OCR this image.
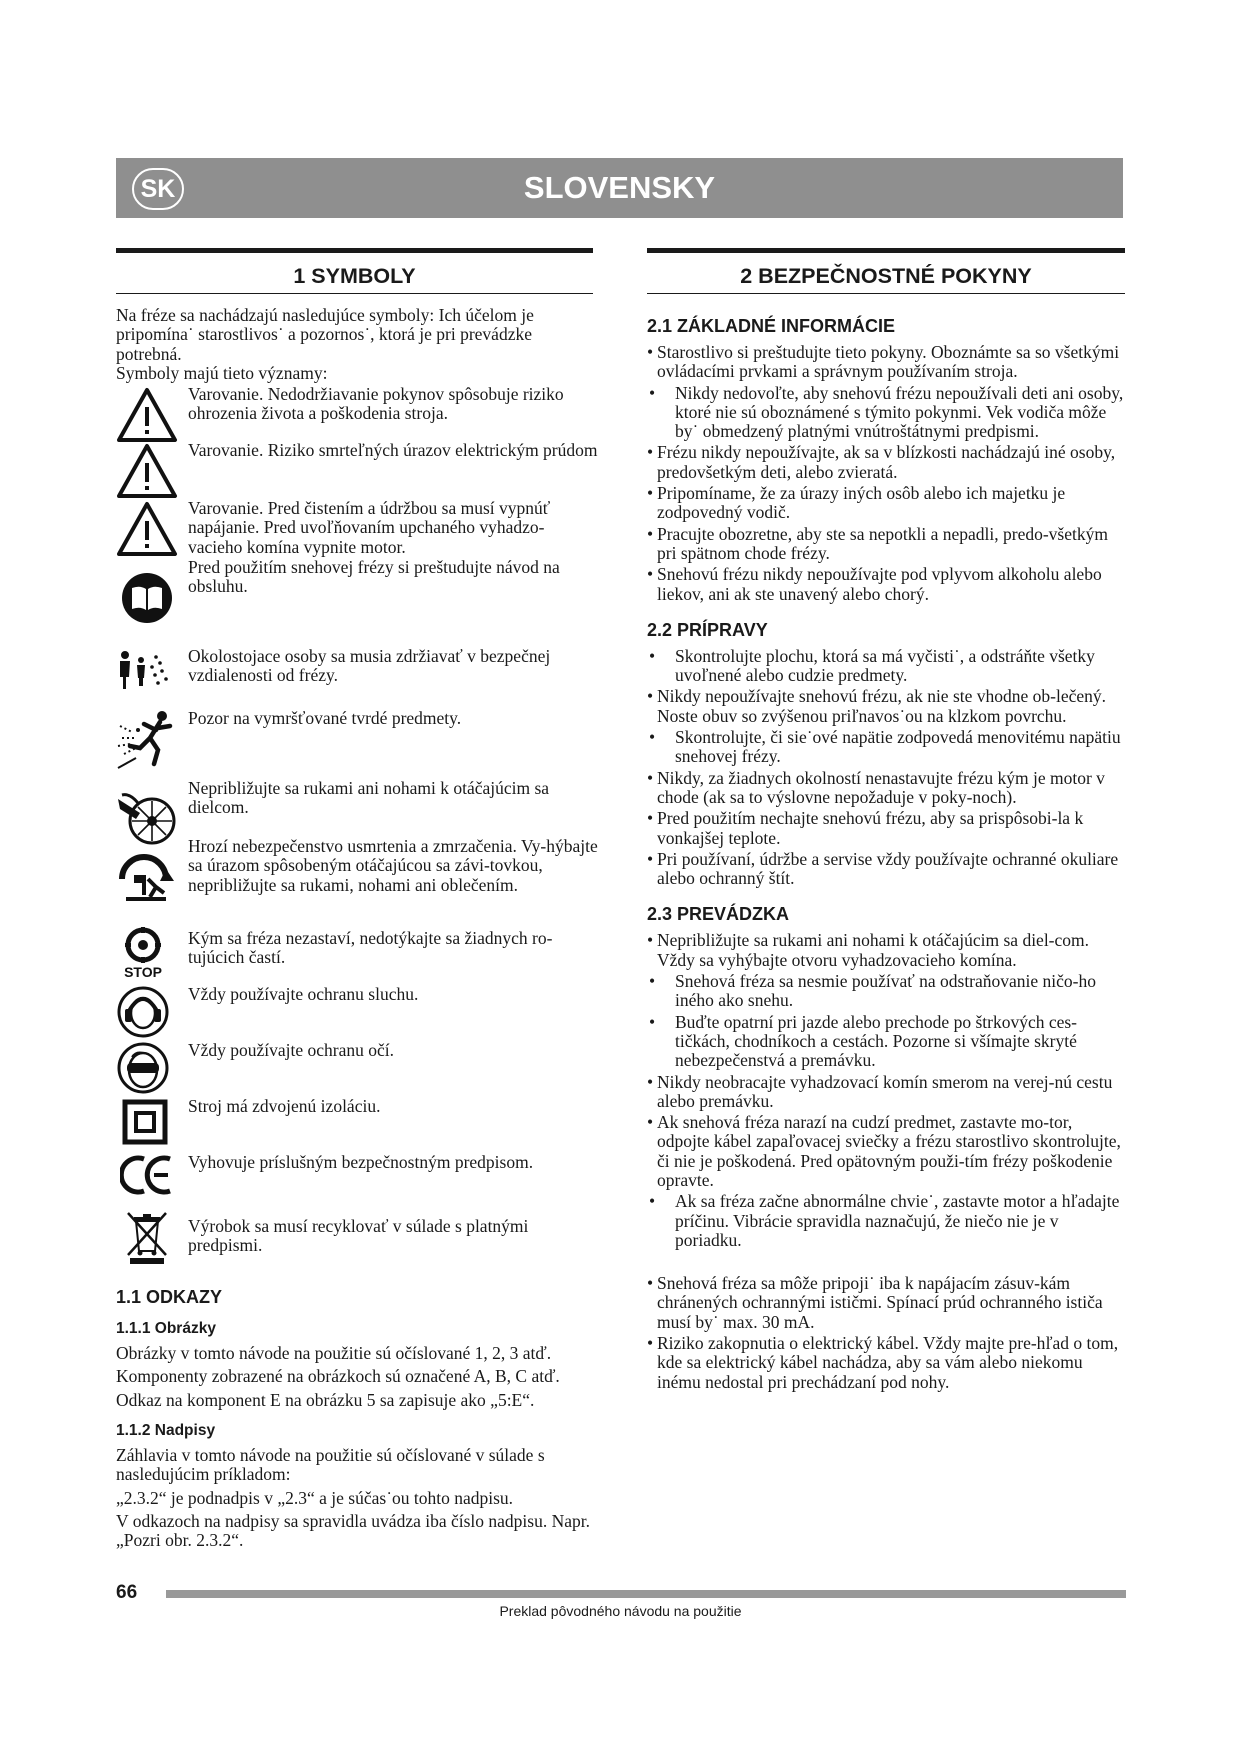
SK	SLOVENSKY
1 SYMBOLY

Na fréze sa nachádzajú nasledujúce symboly: Ich účelom je pripomína˙ starostlivos˙ a pozornos˙, ktorá je pri prevádzke potrebná.

Symboly majú tieto významy:

Varovanie. Nedodržiavanie pokynov spôsobuje riziko ohrozenia života a poškodenia stroja.
Varovanie. Riziko smrteľných úrazov elektrickým prúdom
Varovanie. Pred čistením a údržbou sa musí vypnúť napájanie. Pred uvoľňovaním upchaného vyhadzo-vacieho komína vypnite motor.
Pred použitím snehovej frézy si preštudujte návod na obsluhu.
Okolostojace osoby sa musia zdržiavať v bezpečnej vzdialenosti od frézy.
Pozor na vymršťované tvrdé predmety.
Nepribližujte sa rukami ani nohami k otáčajúcim sa dielcom.
Hrozí nebezpečenstvo usmrtenia a zmrzačenia. Vy-hýbajte sa úrazom spôsobeným otáčajúcou sa závi-tovkou, nepribližujte sa rukami, nohami ani oblečením.
STOP
Kým sa fréza nezastaví, nedotýkajte sa žiadnych ro-tujúcich častí.
Vždy používajte ochranu sluchu.
Vždy používajte ochranu očí.
Stroj má zdvojenú izoláciu.
Vyhovuje príslušným bezpečnostným predpisom.
Výrobok sa musí recyklovať v súlade s platnými predpismi.
1.1 ODKAZY
1.1.1 Obrázky

Obrázky v tomto návode na použitie sú očíslované 1, 2, 3 atď.

Komponenty zobrazené na obrázkoch sú označené A, B, C atď.

Odkaz na komponent E na obrázku 5 sa zapisuje ako „5:E“.

1.1.2 Nadpisy

Záhlavia v tomto návode na použitie sú očíslované v súlade s nasledujúcim príkladom:

„2.3.2“ je podnadpis v „2.3“ a je súčas˙ou tohto nadpisu.

V odkazoch na nadpisy sa spravidla uvádza iba číslo nadpisu. Napr. „Pozri obr. 2.3.2“.

2 BEZPEČNOSTNÉ POKYNY
2.1 ZÁKLADNÉ INFORMÁCIE
• Starostlivo si preštudujte tieto pokyny. Oboznámte sa so všetkými ovládacími prvkami a správnym používaním stroja.
• Nikdy nedovoľte, aby snehovú frézu nepoužívali deti ani osoby, ktoré nie sú oboznámené s týmito pokynmi. Vek vodiča môže by˙ obmedzený platnými vnútroštátnymi predpismi.
• Frézu nikdy nepoužívajte, ak sa v blízkosti nachádzajú iné osoby, predovšetkým deti, alebo zvieratá.
• Pripomíname, že za úrazy iných osôb alebo ich majetku je zodpovedný vodič.
• Pracujte obozretne, aby ste sa nepotkli a nepadli, predo-všetkým pri spätnom chode frézy.
• Snehovú frézu nikdy nepoužívajte pod vplyvom alkoholu alebo liekov, ani ak ste unavený alebo chorý.
2.2 PRÍPRAVY
• Skontrolujte plochu, ktorá sa má vyčisti˙, a odstráňte všetky uvoľnené alebo cudzie predmety.
• Nikdy nepoužívajte snehovú frézu, ak nie ste vhodne ob-lečený. Noste obuv so zvýšenou priľnavos˙ou na klzkom povrchu.
• Skontrolujte, či sie˙ové napätie zodpovedá menovitému napätiu snehovej frézy.
• Nikdy, za žiadnych okolností nenastavujte frézu kým je motor v chode (ak sa to výslovne nepožaduje v poky-noch).
• Pred použitím nechajte snehovú frézu, aby sa prispôsobi-la k vonkajšej teplote.
• Pri používaní, údržbe a servise vždy používajte ochranné okuliare alebo ochranný štít.
2.3 PREVÁDZKA
• Nepribližujte sa rukami ani nohami k otáčajúcim sa diel-com. Vždy sa vyhýbajte otvoru vyhadzovacieho komína.
• Snehová fréza sa nesmie používať na odstraňovanie ničo-ho iného ako snehu.
• Buďte opatrní pri jazde alebo prechode po štrkových ces-tičkách, chodníkoch a cestách. Pozorne si všímajte skryté nebezpečenstvá a premávku.
• Nikdy neobracajte vyhadzovací komín smerom na verej-nú cestu alebo premávku.
• Ak snehová fréza narazí na cudzí predmet, zastavte mo-tor, odpojte kábel zapaľovacej sviečky a frézu starostlivo skontrolujte, či nie je poškodená. Pred opätovným použi-tím frézy poškodenie opravte.
• Ak sa fréza začne abnormálne chvie˙, zastavte motor a hľadajte príčinu. Vibrácie spravidla naznačujú, že niečo nie je v poriadku.
• Snehová fréza sa môže pripoji˙ iba k napájacím zásuv-kám chránených ochrannými ističmi. Spínací prúd ochranného ističa musí by˙ max. 30 mA.
• Riziko zakopnutia o elektrický kábel. Vždy majte pre-hľad o tom, kde sa elektrický kábel nachádza, aby sa vám alebo niekomu inému nedostal pri prechádzaní pod nohy.
66
Preklad pôvodného návodu na použitie
